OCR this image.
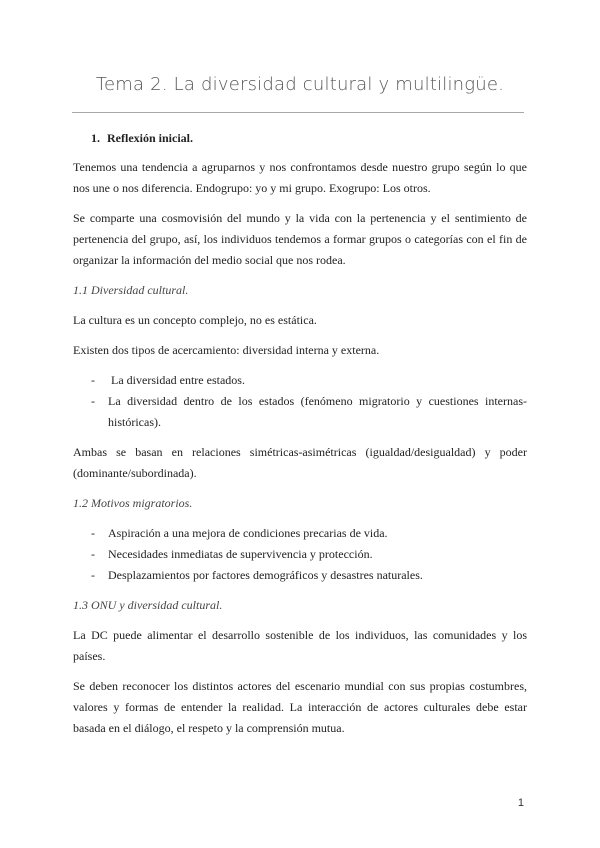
Tema 2. La diversidad cultural y multilingüe.
1. Reflexión inicial.

Tenemos una tendencia a agruparnos y nos confrontamos desde nuestro grupo según lo que nos une o nos diferencia. Endogrupo: yo y mi grupo. Exogrupo: Los otros.

Se comparte una cosmovisión del mundo y la vida con la pertenencia y el sentimiento de pertenencia del grupo, así, los individuos tendemos a formar grupos o categorías con el fin de organizar la información del medio social que nos rodea.

1.1 Diversidad cultural.

La cultura es un concepto complejo, no es estática.

Existen dos tipos de acercamiento: diversidad interna y externa.

- La diversidad entre estados.
- La diversidad dentro de los estados (fenómeno migratorio y cuestiones internas-históricas).

Ambas se basan en relaciones simétricas-asimétricas (igualdad/desigualdad) y poder (dominante/subordinada).

1.2 Motivos migratorios.
- Aspiración a una mejora de condiciones precarias de vida.
- Necesidades inmediatas de supervivencia y protección.
- Desplazamientos por factores demográficos y desastres naturales.
1.3 ONU y diversidad cultural.

La DC puede alimentar el desarrollo sostenible de los individuos, las comunidades y los países.

Se deben reconocer los distintos actores del escenario mundial con sus propias costumbres, valores y formas de entender la realidad. La interacción de actores culturales debe estar basada en el diálogo, el respeto y la comprensión mutua.

1
